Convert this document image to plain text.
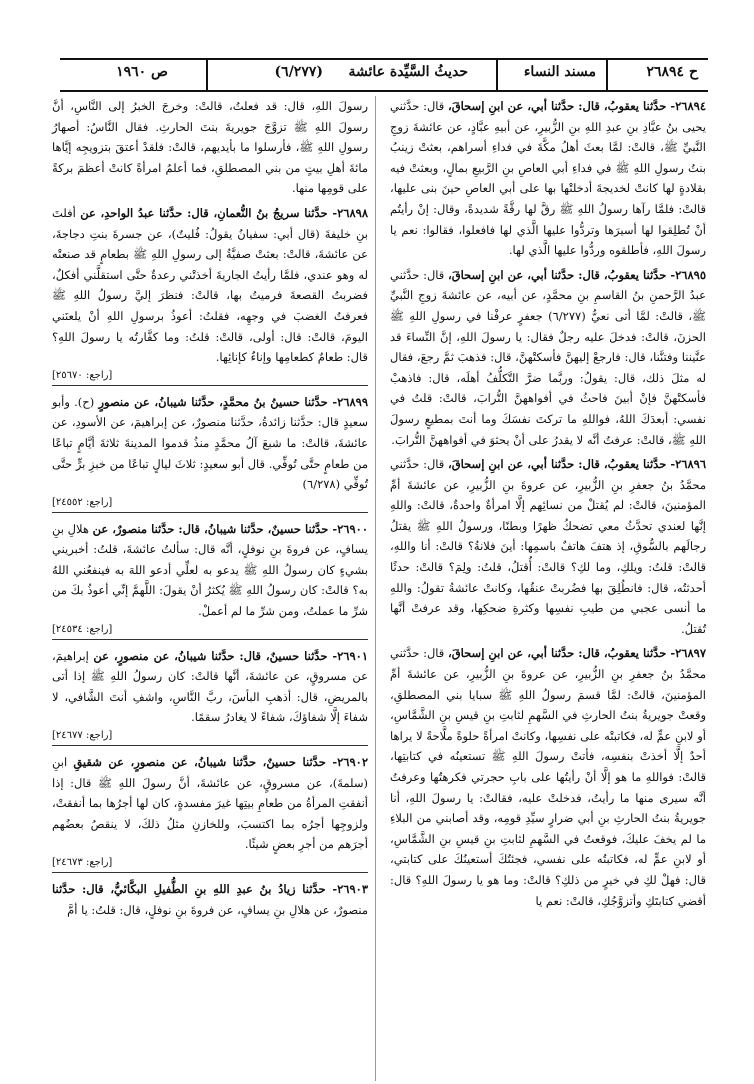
ح ٢٦٨٩٤
مسند النساء
حديثُ السَّيِّدة عائشة
(٦/٢٧٧)
ص ١٩٦٠
٢٦٨٩٤- حدَّثنا يعقوبُ، قال: حدَّثنا أبي، عن ابنِ إسحاقَ، قال: حدَّثني يحيى بنُ عبَّادِ بنِ عبدِ اللهِ بنِ الزُّبيرِ، عن أبيهِ عبَّادٍ، عن عائشةَ زوجِ النَّبيِّ ﷺ، قالتْ: لمَّا بعثَ أهلُ مكَّةَ في فداءِ أسراهم، بعثتْ زينبُ بنتُ رسولِ اللهِ ﷺ في فداءِ أبي العاصِ بنِ الرَّبيعِ بمالٍ، وبعثتْ فيه بقلادةٍ لها كانتْ لخديجةَ أدخلتْها بها على أبي العاصِ حينَ بنى عليها، قالتْ: فلمَّا رآها رسولُ اللهِ ﷺ رقَّ لها رقَّةً شديدةً، وقال: إنْ رأيتُم أنْ تُطلِقوا لها أسيرَها وتردُّوا عليها الَّذي لها فافعلوا، فقالوا: نعم يا رسولَ اللهِ، فأطلقوه وردُّوا عليها الَّذي لها.
٢٦٨٩٥- حدَّثنا يعقوبُ، قال: حدَّثنا أبي، عن ابنِ إسحاقَ، قال: حدَّثني عبدُ الرَّحمنِ بنُ القاسمِ بنِ محمَّدٍ، عن أبيه، عن عائشةَ زوجِ النَّبيِّ ﷺ، قالتْ: لمَّا أتى نعيُّ (٦/٢٧٧) جعفرٍ عرفْنا في رسولِ اللهِ ﷺ الحزنَ، قالتْ: فدخلَ عليه رجلٌ فقال: يا رسولَ اللهِ، إنَّ النِّساءَ قد عنَّيننا وفتنَّنا، قال: فارجعْ إليهنَّ فأسكتْهنَّ، قال: فذهبَ ثمَّ رجعَ، فقال له مثلَ ذلك، قال: يقولُ: وربَّما ضرَّ التَّكلُّفُ أهلَه، قال: فاذهبْ فأسكتْهنَّ فإنْ أبينَ فاحثُ في أفواههنَّ التُّرابَ، قالتْ: قلتُ في نفسي: أبعدَكَ اللهُ، فواللهِ ما تركتَ نفسَكَ وما أنتَ بمطيعٍ رسولَ اللهِ ﷺ، قالتْ: عرفتُ أنَّه لا يقدرُ على أنْ يحثوَ في أفواههنَّ التُّرابَ.
٢٦٨٩٦- حدَّثنا يعقوبُ، قال: حدَّثنا أبي، عن ابنِ إسحاقَ، قال: حدَّثني محمَّدُ بنُ جعفرِ بنِ الزُّبيرِ، عن عروةَ بنِ الزُّبيرِ، عن عائشةَ أمِّ المؤمنينَ، قالتْ: لم يُقتلْ من نسائِهم إلَّا امرأةٌ واحدةٌ، قالتْ: واللهِ إنَّها لعندي تحدَّثُ معي تضحكُ ظهرًا وبطنًا، ورسولُ اللهِ ﷺ يقتلُ رجالَهم بالسُّوقِ، إذ هتفَ هاتفٌ باسمِها: أينَ فلانةُ؟ قالتْ: أنا واللهِ، قالتْ: قلتُ: ويلكِ، وما لكِ؟ قالتْ: أُقتلُ، قلتُ: ولِمَ؟ قالتْ: حدثًا أحدثتُه، قال: فانطُلِقَ بها فضُربتْ عنقُها، وكانتْ عائشةُ تقولُ: واللهِ ما أنسى عجبي من طيبِ نفسِها وكثرةِ ضحكِها، وقد عرفتْ أنَّها تُقتلُ.
٢٦٨٩٧- حدَّثنا يعقوبُ، قال: حدَّثنا أبي، عن ابنِ إسحاقَ، قال: حدَّثني محمَّدُ بنُ جعفرِ بنِ الزُّبيرِ، عن عروةَ بنِ الزُّبيرِ، عن عائشةَ أمِّ المؤمنينَ، قالتْ: لمَّا قسمَ رسولُ اللهِ ﷺ سبايا بني المصطلقِ، وقعتْ جويريةُ بنتُ الحارثِ في السَّهمِ لثابتِ بنِ قيسِ بنِ الشَّمَّاسِ، أو لابنِ عمٍّ له، فكاتبتْه على نفسِها، وكانتْ امرأةً حلوةً ملَّاحةً لا يراها أحدٌ إلَّا أخذتْ بنفسِه، فأتتْ رسولَ اللهِ ﷺ تستعينُه في كتابتِها، قالتْ: فواللهِ ما هو إلَّا أنْ رأيتُها على بابِ حجرتي فكرهتُها وعرفتُ أنَّه سيرى منها ما رأيتُ، فدخلتْ عليه، فقالتْ: يا رسولَ اللهِ، أنا جويريةُ بنتُ الحارثِ بنِ أبي ضرارٍ سيِّدِ قومِه، وقد أصابني من البلاءِ ما لم يخفَ عليكَ، فوقعتُ في السَّهمِ لثابتِ بنِ قيسِ بنِ الشَّمَّاسِ، أو لابنِ عمٍّ له، فكاتبتُه على نفسي، فجئتُكَ أستعينُكَ على كتابتي، قال: فهلْ لكِ في خيرٍ من ذلكِ؟ قالتْ: وما هو يا رسولَ اللهِ؟ قال: أقضي كتابتَكِ وأتزوَّجُكِ، قالتْ: نعم يا
رسولَ اللهِ، قال: قد فعلتُ، قالتْ: وخرجَ الخبرُ إلى النَّاسِ، أنَّ رسولَ اللهِ ﷺ تزوَّجَ جويريةَ بنتَ الحارثِ. فقال النَّاسُ: أصهارُ رسولِ اللهِ ﷺ، فأرسلوا ما بأيديهم، قالتْ: فلقدْ أعتقَ بتزويجِه إيَّاها مائةَ أهلِ بيتٍ من بني المصطلقِ، فما أعلمُ امرأةً كانتْ أعظمَ بركةً على قومِها منها.
٢٦٨٩٨- حدَّثنا سريجُ بنُ النُّعمانِ، قال: حدَّثنا عبدُ الواحدِ، عن أفلتَ بنِ خليفةَ (قال أبي: سفيانُ يقولُ: فُليتٌ)، عن جسرةَ بنتِ دجاجةَ، عن عائشةَ، قالتْ: بعثتْ صفيَّةُ إلى رسولِ اللهِ ﷺ بطعامٍ قد صنعتْه له وهو عندي، فلمَّا رأيتُ الجاريةَ أخذتْني رعدةٌ حتَّى استقلَّني أفكلٌ، فضربتُ القصعةَ فرميتُ بها، قالتْ: فنظرَ إليَّ رسولُ اللهِ ﷺ فعرفتُ الغضبَ في وجهِه، فقلتُ: أعوذُ برسولِ اللهِ أنْ يلعنَني اليومَ، قالتْ: قال: أولى، قالتْ: قلتُ: وما كفَّارتُه يا رسولَ اللهِ؟ قال: طعامٌ كطعامِها وإناءٌ كإنائِها.
[راجع: ٢٥٦٧٠]
٢٦٨٩٩- حدَّثنا حسينُ بنُ محمَّدٍ، حدَّثنا شيبانُ، عن منصورٍ (ح). وأبو سعيدٍ قال: حدَّثنا زائدةُ، حدَّثنا منصورٌ، عن إبراهيمَ، عن الأسودِ، عن عائشةَ، قالتْ: ما شبعَ آلُ محمَّدٍ منذُ قدموا المدينةَ ثلاثةَ أيَّامٍ تباعًا من طعامٍ حتَّى تُوفِّي. قال أبو سعيدٍ: ثلاثَ ليالٍ تباعًا من خبزِ برٍّ حتَّى تُوفِّي (٦/٢٧٨)
[راجع: ٢٤٥٥٢]
٢٦٩٠٠- حدَّثنا حسينٌ، حدَّثنا شيبانُ، قال: حدَّثنا منصورٌ، عن هلالِ بنِ يسافٍ، عن فروةَ بنِ نوفلٍ، أنَّه قال: سألتُ عائشةَ، قلتُ: أخبريني بشيءٍ كان رسولُ اللهِ ﷺ يدعو به لعلِّي أدعو اللهَ به فينفعُني اللهُ به؟ قالتْ: كان رسولُ اللهِ ﷺ يُكثرُ أنْ يقولَ: اللَّهمَّ إنِّي أعوذُ بكَ من شرِّ ما عملتُ، ومن شرِّ ما لم أعملْ.
[راجع: ٢٤٥٣٤]
٢٦٩٠١- حدَّثنا حسينٌ، قال: حدَّثنا شيبانُ، عن منصورٍ، عن إبراهيمَ، عن مسروقٍ، عن عائشةَ، أنَّها قالتْ: كان رسولُ اللهِ ﷺ إذا أتى بالمريضِ، قال: أذهبِ البأسَ، ربَّ النَّاسِ، واشفِ أنتَ الشَّافي، لا شفاءَ إلَّا شفاؤكَ، شفاءً لا يغادرُ سقمًا.
[راجع: ٢٤٦٧٧]
٢٦٩٠٢- حدَّثنا حسينٌ، حدَّثنا شيبانُ، عن منصورٍ، عن شقيقِ ابنِ (سلمةَ)، عن مسروقٍ، عن عائشةَ، أنَّ رسولَ اللهِ ﷺ قال: إذا أنفقتِ المرأةُ من طعامِ بيتِها غيرَ مفسدةٍ، كان لها أجرُها بما أنفقتْ، ولزوجِها أجرُه بما اكتسبَ، وللخازنِ مثلُ ذلكَ، لا ينقصُ بعضُهم أجرَهم من أجرِ بعضٍ شيئًا.
[راجع: ٢٤٦٧٣]
٢٦٩٠٣- حدَّثنا زيادُ بنُ عبدِ اللهِ بنِ الطُّفيلِ البكَّائيُّ، قال: حدَّثنا منصورٌ، عن هلالِ بنِ يسافٍ، عن فروةَ بنِ نوفلٍ، قال: قلتُ: يا أمَّ
